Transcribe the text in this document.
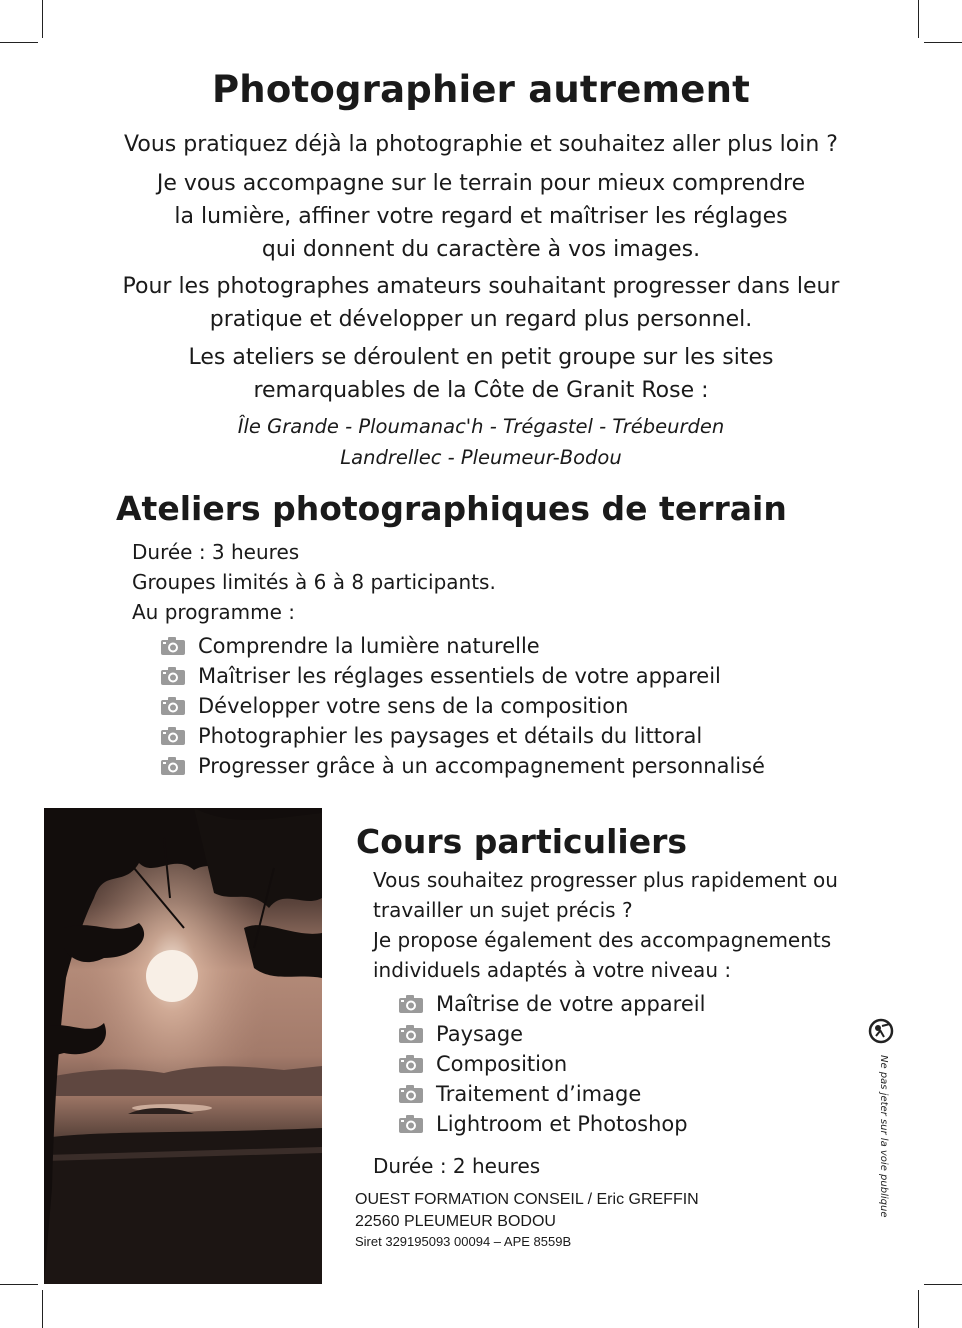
Photographier autrement

Vous pratiquez déjà la photographie et souhaitez aller plus loin ?

Je vous accompagne sur le terrain pour mieux comprendre

la lumière, affiner votre regard et maîtriser les réglages

qui donnent du caractère à vos images.

Pour les photographes amateurs souhaitant progresser dans leur

pratique et développer un regard plus personnel.

Les ateliers se déroulent en petit groupe sur les sites

remarquables de la Côte de Granit Rose :

Île Grande - Ploumanac'h - Trégastel - Trébeurden

Landrellec - Pleumeur-Bodou

Ateliers photographiques de terrain

Durée : 3 heures

Groupes limités à 6 à 8 participants.

Au programme :

Comprendre la lumière naturelle
Maîtriser les réglages essentiels de votre appareil
Développer votre sens de la composition
Photographier les paysages et détails du littoral
Progresser grâce à un accompagnement personnalisé
Cours particuliers

Vous souhaitez progresser plus rapidement ou

travailler un sujet précis ?

Je propose également des accompagnements

individuels adaptés à votre niveau :

Maîtrise de votre appareil
Paysage
Composition
Traitement d’image
Lightroom et Photoshop

Durée : 2 heures

OUEST FORMATION CONSEIL / Eric GREFFIN
22560 PLEUMEUR BODOU
Siret 329195093 00094 – APE 8559B
Ne pas jeter sur la voie publique
